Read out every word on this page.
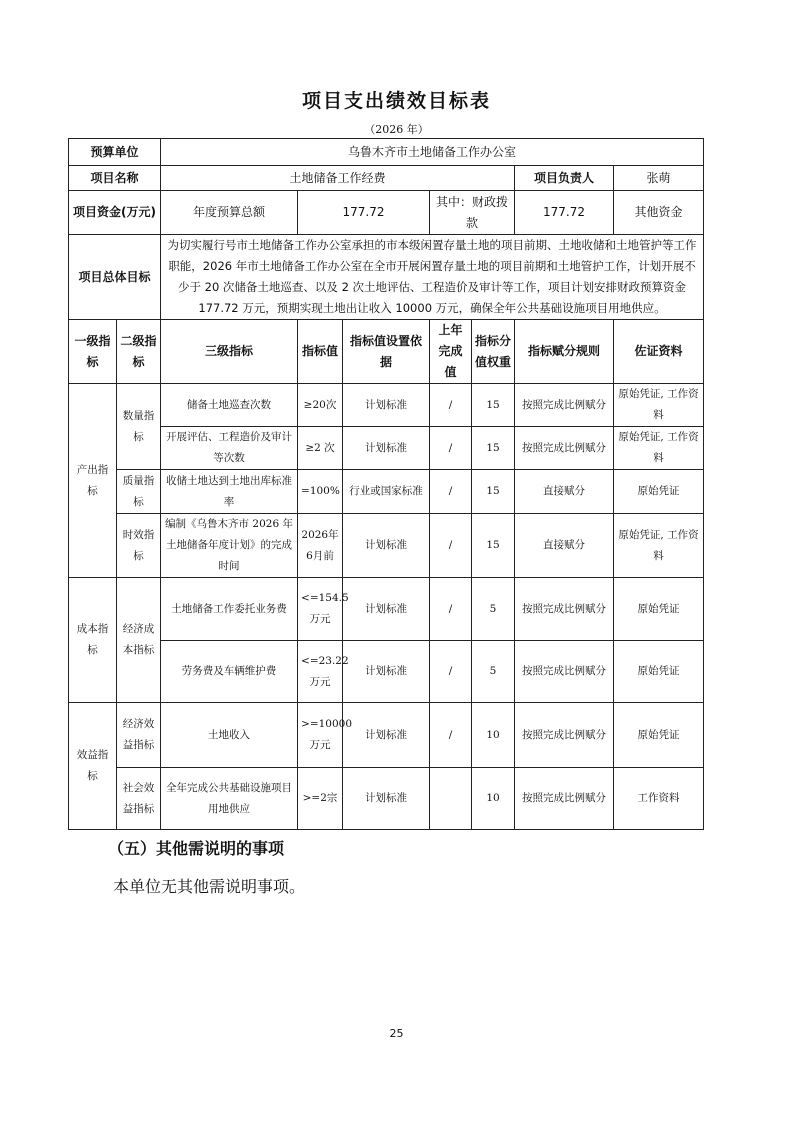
项目支出绩效目标表
（2026 年）
预算单位		乌鲁木齐市土地储备工作办公室							
项目名称		土地储备工作经费					项目负责人	张萌	
项目资金(万元)		年度预算总额	177.72		其中：财政拨款		177.72	其他资金	
项目总体目标		为切实履行号市土地储备工作办公室承担的市本级闲置存量土地的项目前期、土地收储和土地管护等工作职能，2026 年市土地储备工作办公室在全市开展闲置存量土地的项目前期和土地管护工作，计划开展不少于 20 次储备土地巡查、以及 2 次土地评估、工程造价及审计等工作，项目计划安排财政预算资金 177.72 万元，预期实现土地出让收入 10000 万元，确保全年公共基础设施项目用地供应。							
一级指标	二级指标	三级指标	指标值	指标值设置依据	上年完成值	指标分值权重	指标赋分规则	佐证资料	
产出指标	数量指标	储备土地巡查次数	≥20次	计划标准	/	15	按照完成比例赋分	原始凭证, 工作资料	
		开展评估、工程造价及审计等次数	≥2 次	计划标准	/	15	按照完成比例赋分	原始凭证, 工作资料	
	质量指标	收储土地达到土地出库标准率	=100%	行业或国家标准	/	15	直接赋分	原始凭证	
	时效指标	编制《乌鲁木齐市 2026 年土地储备年度计划》的完成时间	2026年6月前	计划标准	/	15	直接赋分	原始凭证, 工作资料	
成本指标	经济成本指标	土地储备工作委托业务费	<=154.5万元	计划标准	/	5	按照完成比例赋分	原始凭证	
		劳务费及车辆维护费	<=23.22万元	计划标准	/	5	按照完成比例赋分	原始凭证	
效益指标	经济效益指标	土地收入	>=10000万元	计划标准	/	10	按照完成比例赋分	原始凭证	
	社会效益指标	全年完成公共基础设施项目用地供应	>=2宗	计划标准		10	按照完成比例赋分	工作资料	
（五）其他需说明的事项
本单位无其他需说明事项。
25
